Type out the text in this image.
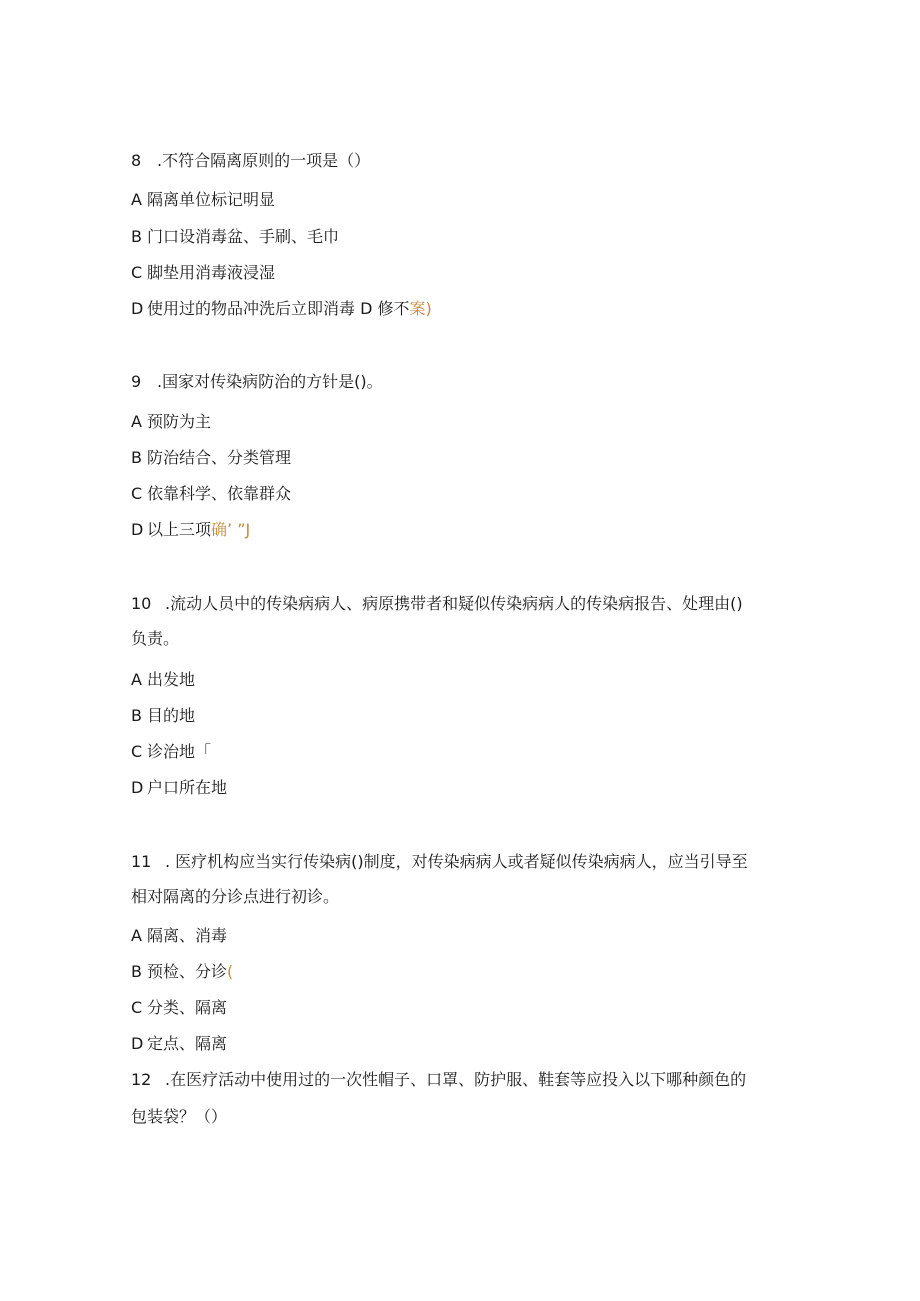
8 .不符合隔离原则的一项是（）
A 隔离单位标记明显
B 门口设消毒盆、手刷、毛巾
C 脚垫用消毒液浸湿
D 使用过的物品冲洗后立即消毒 D 修不案)
9 .国家对传染病防治的方针是()。
A 预防为主
B 防治结合、分类管理
C 依靠科学、依靠群众
D 以上三项确’ ”J
10 .流动人员中的传染病病人、病原携带者和疑似传染病病人的传染病报告、处理由()
负责。
A 出发地
B 目的地
C 诊治地「
D 户口所在地
11 . 医疗机构应当实行传染病()制度，对传染病病人或者疑似传染病病人，应当引导至
相对隔离的分诊点进行初诊。
A 隔离、消毒
B 预检、分诊(
C 分类、隔离
D 定点、隔离
12 .在医疗活动中使用过的一次性帽子、口罩、防护服、鞋套等应投入以下哪种颜色的
包装袋？（）
